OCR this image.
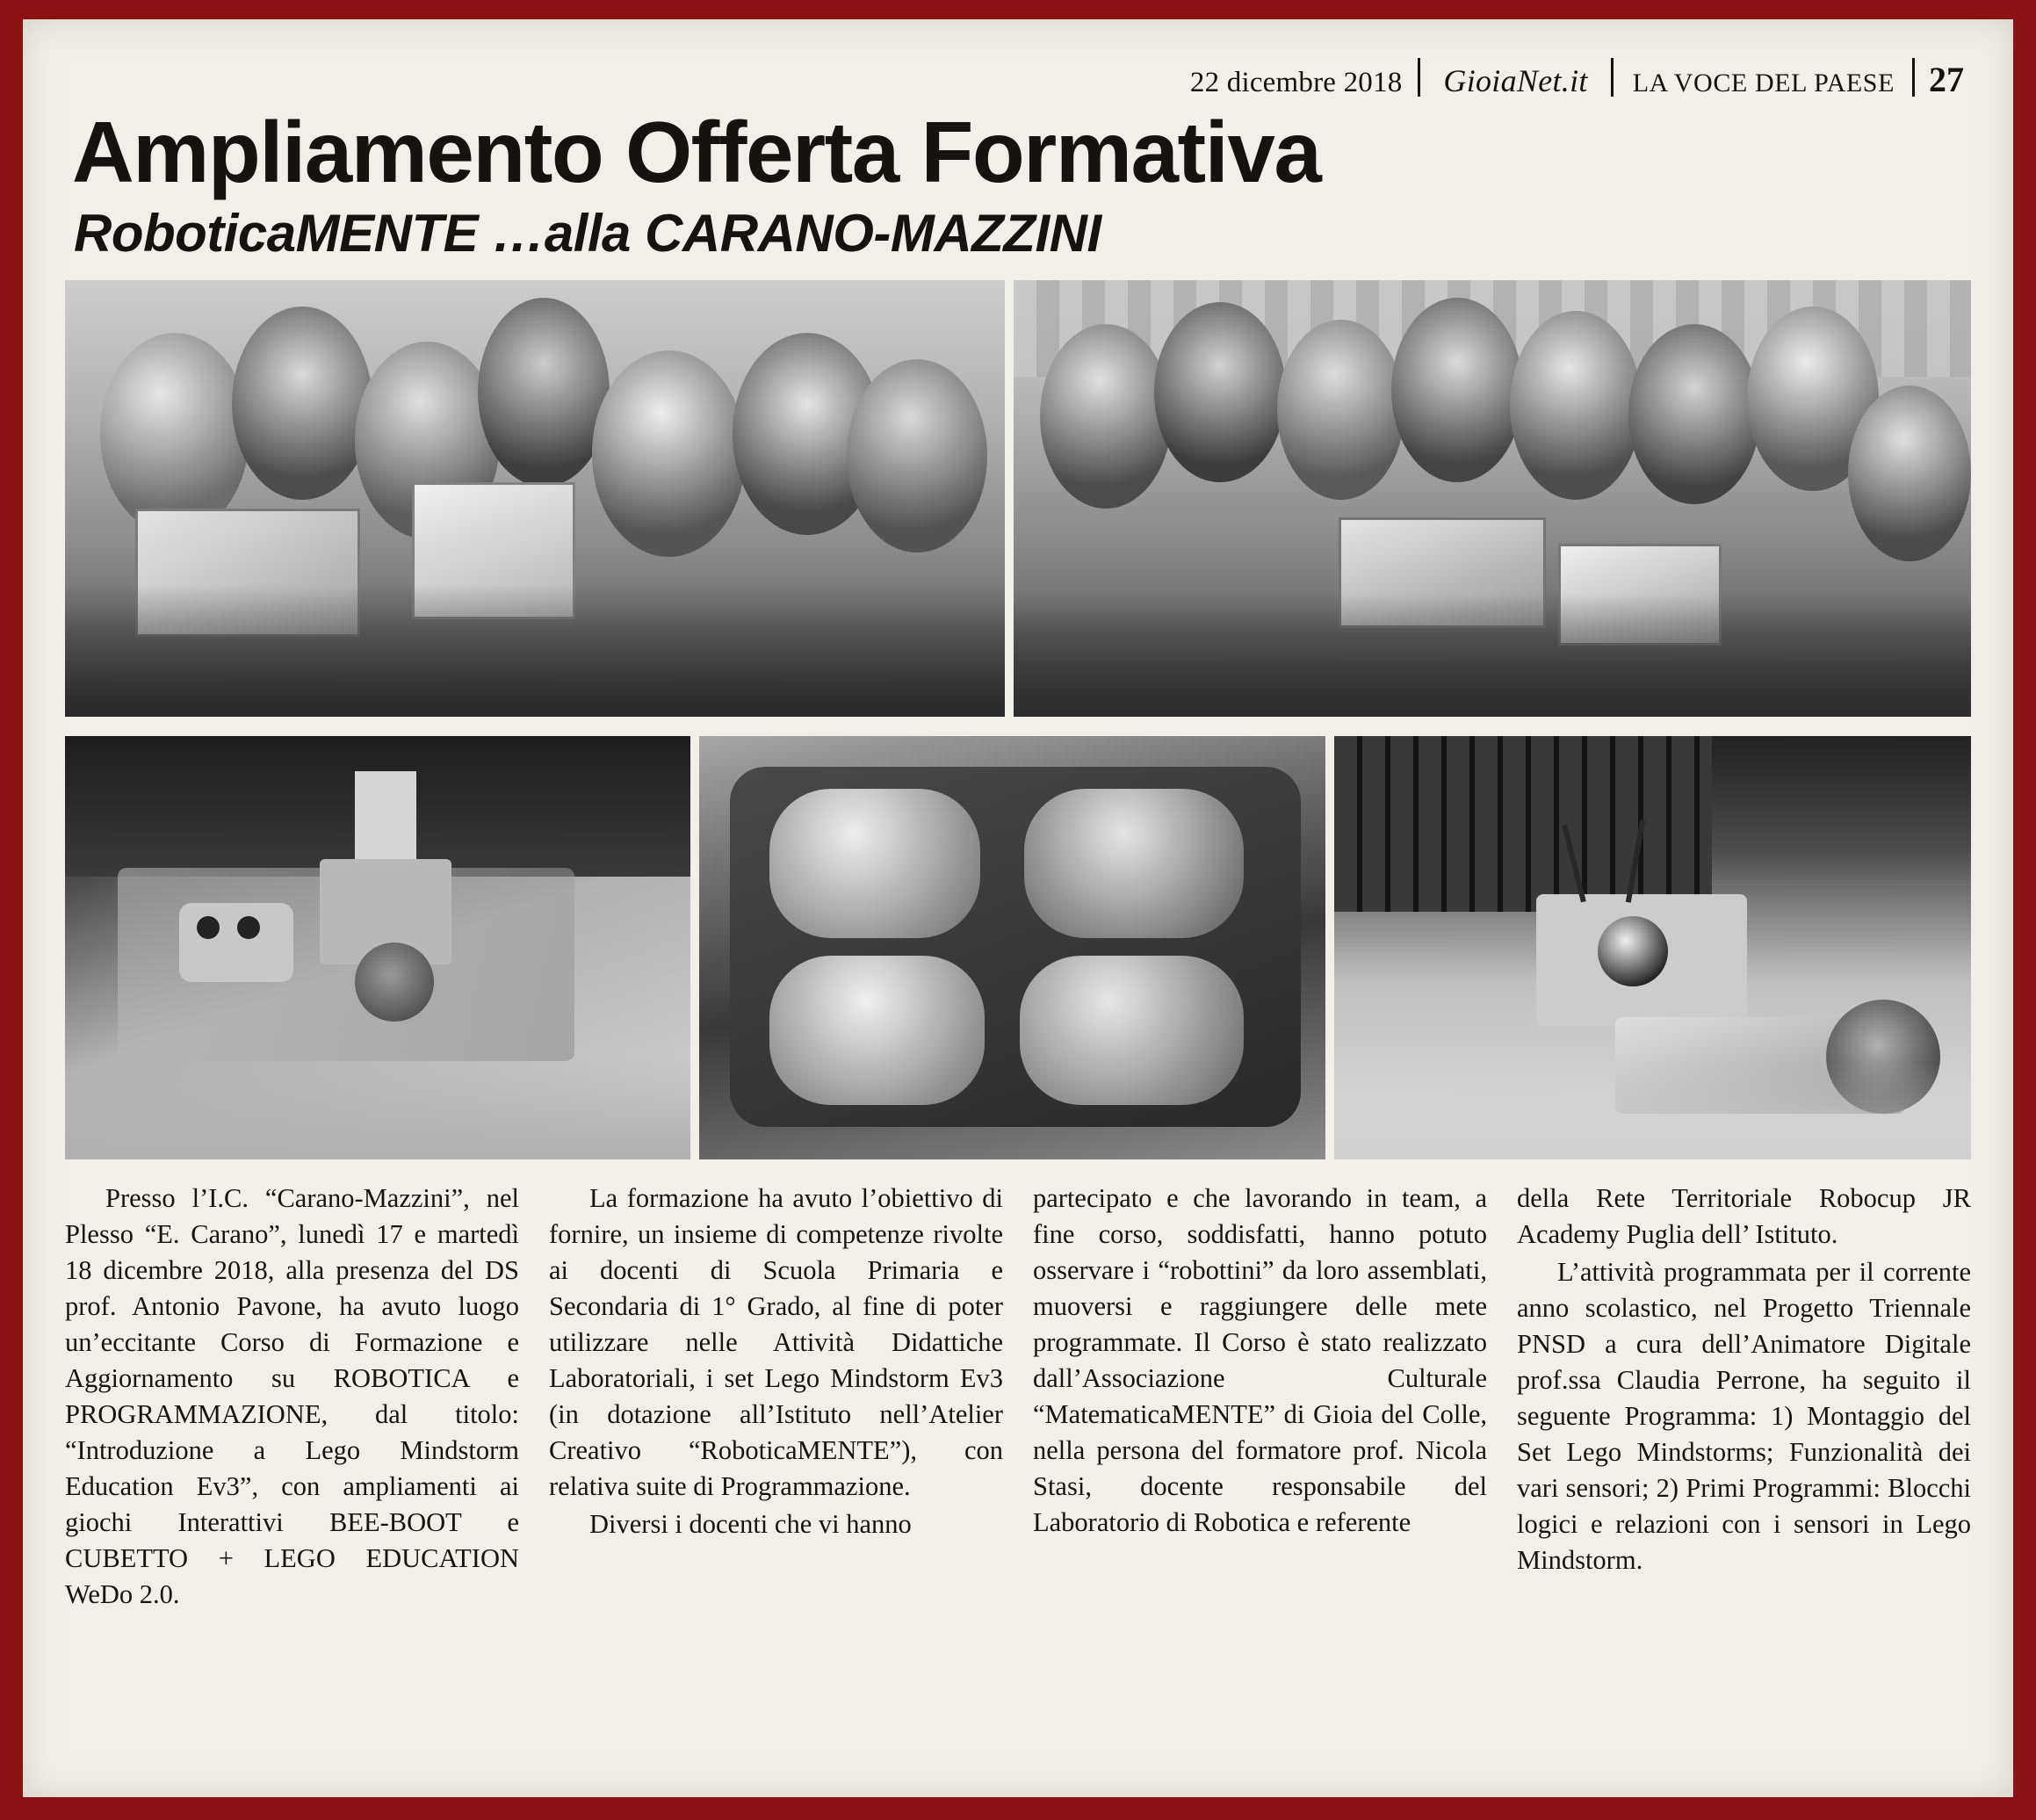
22 dicembre 2018	GioiaNet.it	LA VOCE DEL PAESE 27
Ampliamento Offerta Formativa
RoboticaMENTE …alla CARANO-MAZZINI

Presso l’I.C. “Carano-Mazzini”, nel Plesso “E. Carano”, lunedì 17 e martedì 18 dicembre 2018, alla presenza del DS prof. Antonio Pavone, ha avuto luogo un’eccitante Corso di Formazione e Aggiornamento su ROBOTICA e PROGRAMMAZIONE, dal titolo: “Introduzione a Lego Mindstorm Education Ev3”, con ampliamenti ai giochi Interattivi BEE-BOOT e CUBETTO + LEGO EDUCATION WeDo 2.0.

La formazione ha avuto l’obiettivo di fornire, un insieme di competenze rivolte ai docenti di Scuola Primaria e Secondaria di 1° Grado, al fine di poter utilizzare nelle Attività Didattiche Laboratoriali, i set Lego Mindstorm Ev3 (in dotazione all’Istituto nell’Atelier Creativo “RoboticaMENTE”), con relativa suite di Programmazione.

Diversi i docenti che vi hanno

partecipato e che lavorando in team, a fine corso, soddisfatti, hanno potuto osservare i “robottini” da loro assemblati, muoversi e raggiungere delle mete programmate. Il Corso è stato realizzato dall’Associazione Culturale “MatematicaMENTE” di Gioia del Colle, nella persona del formatore prof. Nicola Stasi, docente responsabile del Laboratorio di Robotica e referente

della Rete Territoriale Robocup JR Academy Puglia dell’ Istituto.

L’attività programmata per il corrente anno scolastico, nel Progetto Triennale PNSD a cura dell’Animatore Digitale prof.ssa Claudia Perrone, ha seguito il seguente Programma: 1) Montaggio del Set Lego Mindstorms; Funzionalità dei vari sensori; 2) Primi Programmi: Blocchi logici e relazioni con i sensori in Lego Mindstorm.
